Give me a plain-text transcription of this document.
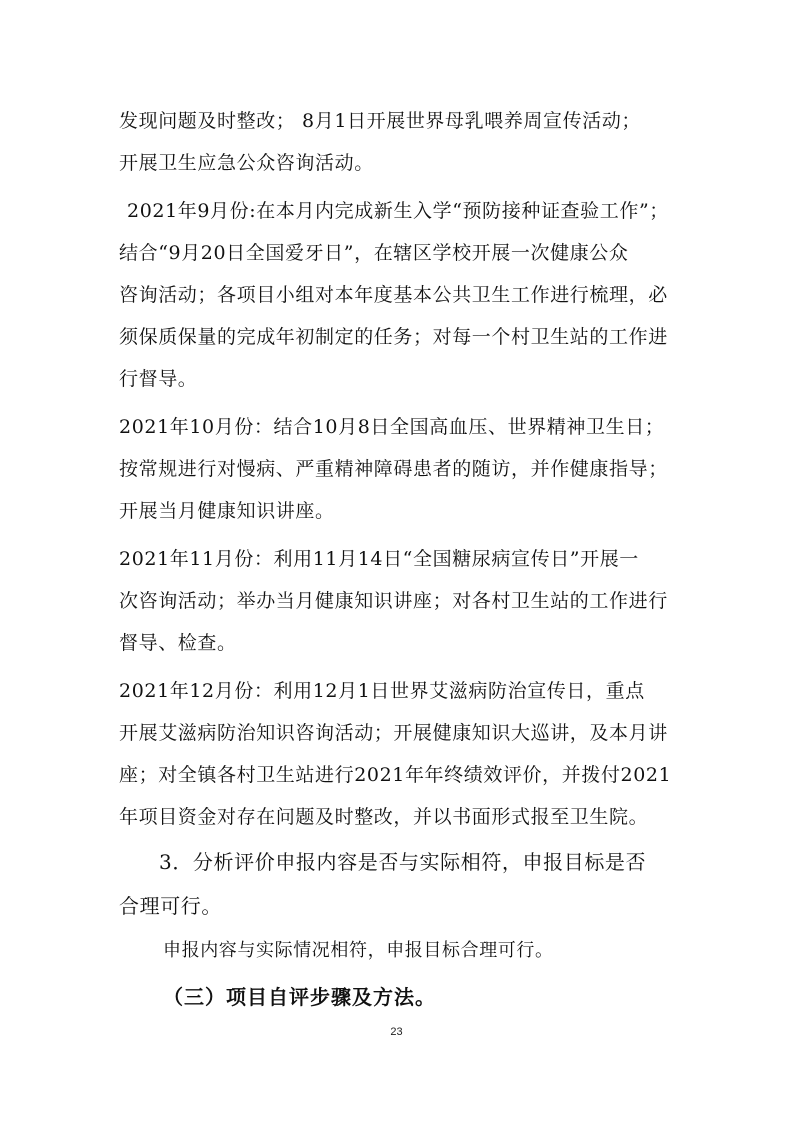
发现问题及时整改； 8月1日开展世界母乳喂养周宣传活动；
开展卫生应急公众咨询活动。
2021年9月份:在本月内完成新生入学“预防接种证查验工作”；
结合“9月20日全国爱牙日”，在辖区学校开展一次健康公众
咨询活动；各项目小组对本年度基本公共卫生工作进行梳理，必
须保质保量的完成年初制定的任务；对每一个村卫生站的工作进
行督导。
2021年10月份：结合10月8日全国高血压、世界精神卫生日；
按常规进行对慢病、严重精神障碍患者的随访，并作健康指导；
开展当月健康知识讲座。
2021年11月份：利用11月14日“全国糖尿病宣传日”开展一
次咨询活动；举办当月健康知识讲座；对各村卫生站的工作进行
督导、检查。
2021年12月份：利用12月1日世界艾滋病防治宣传日，重点
开展艾滋病防治知识咨询活动；开展健康知识大巡讲，及本月讲
座；对全镇各村卫生站进行2021年年终绩效评价，并拨付2021
年项目资金对存在问题及时整改，并以书面形式报至卫生院。
3．分析评价申报内容是否与实际相符，申报目标是否
合理可行。
申报内容与实际情况相符，申报目标合理可行。
（三）项目自评步骤及方法。
23
